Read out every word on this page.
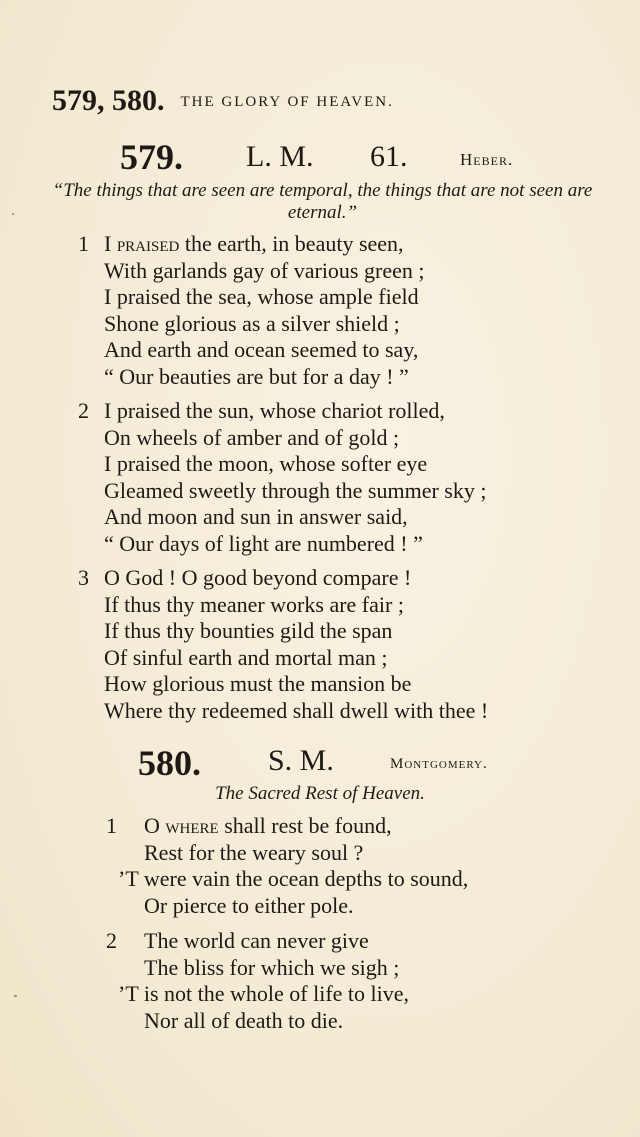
579, 580. THE GLORY OF HEAVEN.
579. L. M. 61.	Heber.
“The things that are seen are temporal, the things that are not seen are eternal.”
1 I praised the earth, in beauty seen,
With garlands gay of various green ;
I praised the sea, whose ample field
Shone glorious as a silver shield ;
And earth and ocean seemed to say,
“ Our beauties are but for a day ! ”
2 I praised the sun, whose chariot rolled,
On wheels of amber and of gold ;
I praised the moon, whose softer eye
Gleamed sweetly through the summer sky ;
And moon and sun in answer said,
“ Our days of light are numbered ! ”
3 O God ! O good beyond compare !
If thus thy meaner works are fair ;
If thus thy bounties gild the span
Of sinful earth and mortal man ;
How glorious must the mansion be
Where thy redeemed shall dwell with thee !
580. S. M.	Montgomery.
The Sacred Rest of Heaven.
1 O where shall rest be found,
Rest for the weary soul ?
’T were vain the ocean depths to sound,
Or pierce to either pole.
2 The world can never give
The bliss for which we sigh ;
’T is not the whole of life to live,
Nor all of death to die.
